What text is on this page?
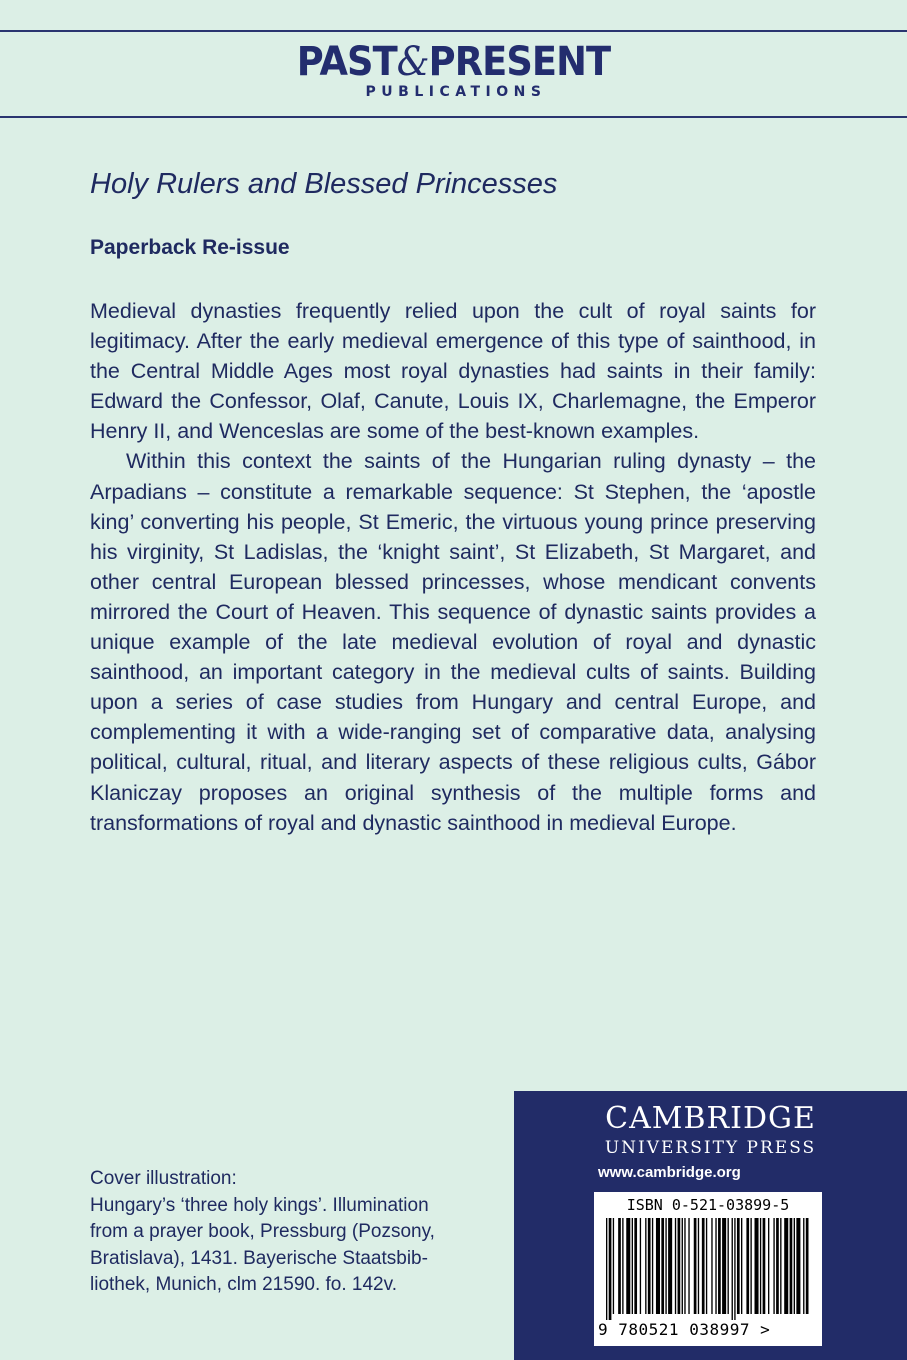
PAST&PRESENT
PUBLICATIONS
Holy Rulers and Blessed Princesses
Paperback Re-issue

Medieval dynasties frequently relied upon the cult of royal saints for legitimacy. After the early medieval emergence of this type of sainthood, in the Central Middle Ages most royal dynasties had saints in their family: Edward the Confessor, Olaf, Canute, Louis IX, Charlemagne, the Emperor Henry II, and Wenceslas are some of the best-known examples.

Within this context the saints of the Hungarian ruling dynasty – the Arpadians – constitute a remarkable sequence: St Stephen, the ‘apostle king’ converting his people, St Emeric, the virtuous young prince preserving his virginity, St Ladislas, the ‘knight saint’, St Elizabeth, St Margaret, and other central European blessed princesses, whose mendicant convents mirrored the Court of Heaven. This sequence of dynastic saints provides a unique example of the late medieval evolution of royal and dynastic sainthood, an important category in the medieval cults of saints. Building upon a series of case studies from Hungary and central Europe, and complementing it with a wide-ranging set of comparative data, analysing political, cultural, ritual, and literary aspects of these religious cults, Gábor Klaniczay proposes an original synthesis of the multiple forms and transformations of royal and dynastic sainthood in medieval Europe.

Cover illustration:
Hungary’s ‘three holy kings’. Illumination
from a prayer book, Pressburg (Pozsony,
Bratislava), 1431. Bayerische Staatsbib-
liothek, Munich, clm 21590. fo. 142v.
CAMBRIDGE
UNIVERSITY PRESS
www.cambridge.org
ISBN 0-521-03899-5
9 780521 038997 >
